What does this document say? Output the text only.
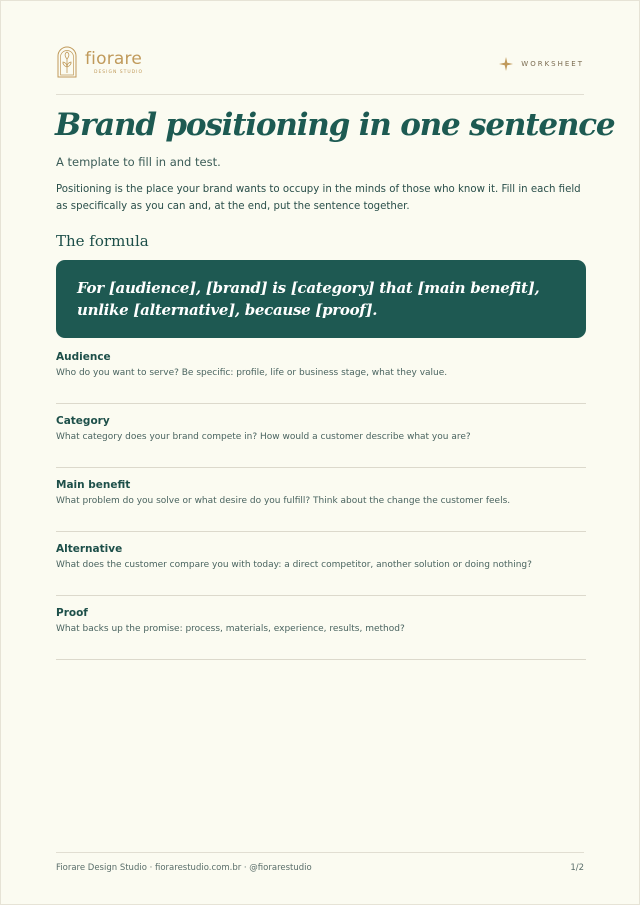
fiorare
DESIGN STUDIO
WORKSHEET
Brand positioning in one sentence
A template to fill in and test.

Positioning is the place your brand wants to occupy in the minds of those who know it. Fill in each field as specifically as you can and, at the end, put the sentence together.

The formula

For [audience], [brand] is [category] that [main benefit], unlike [alternative], because [proof].

Audience

Who do you want to serve? Be specific: profile, life or business stage, what they value.

Category

What category does your brand compete in? How would a customer describe what you are?

Main benefit

What problem do you solve or what desire do you fulfill? Think about the change the customer feels.

Alternative

What does the customer compare you with today: a direct competitor, another solution or doing nothing?

Proof

What backs up the promise: process, materials, experience, results, method?

Fiorare Design Studio · fiorarestudio.com.br · @fiorarestudio	1/2
